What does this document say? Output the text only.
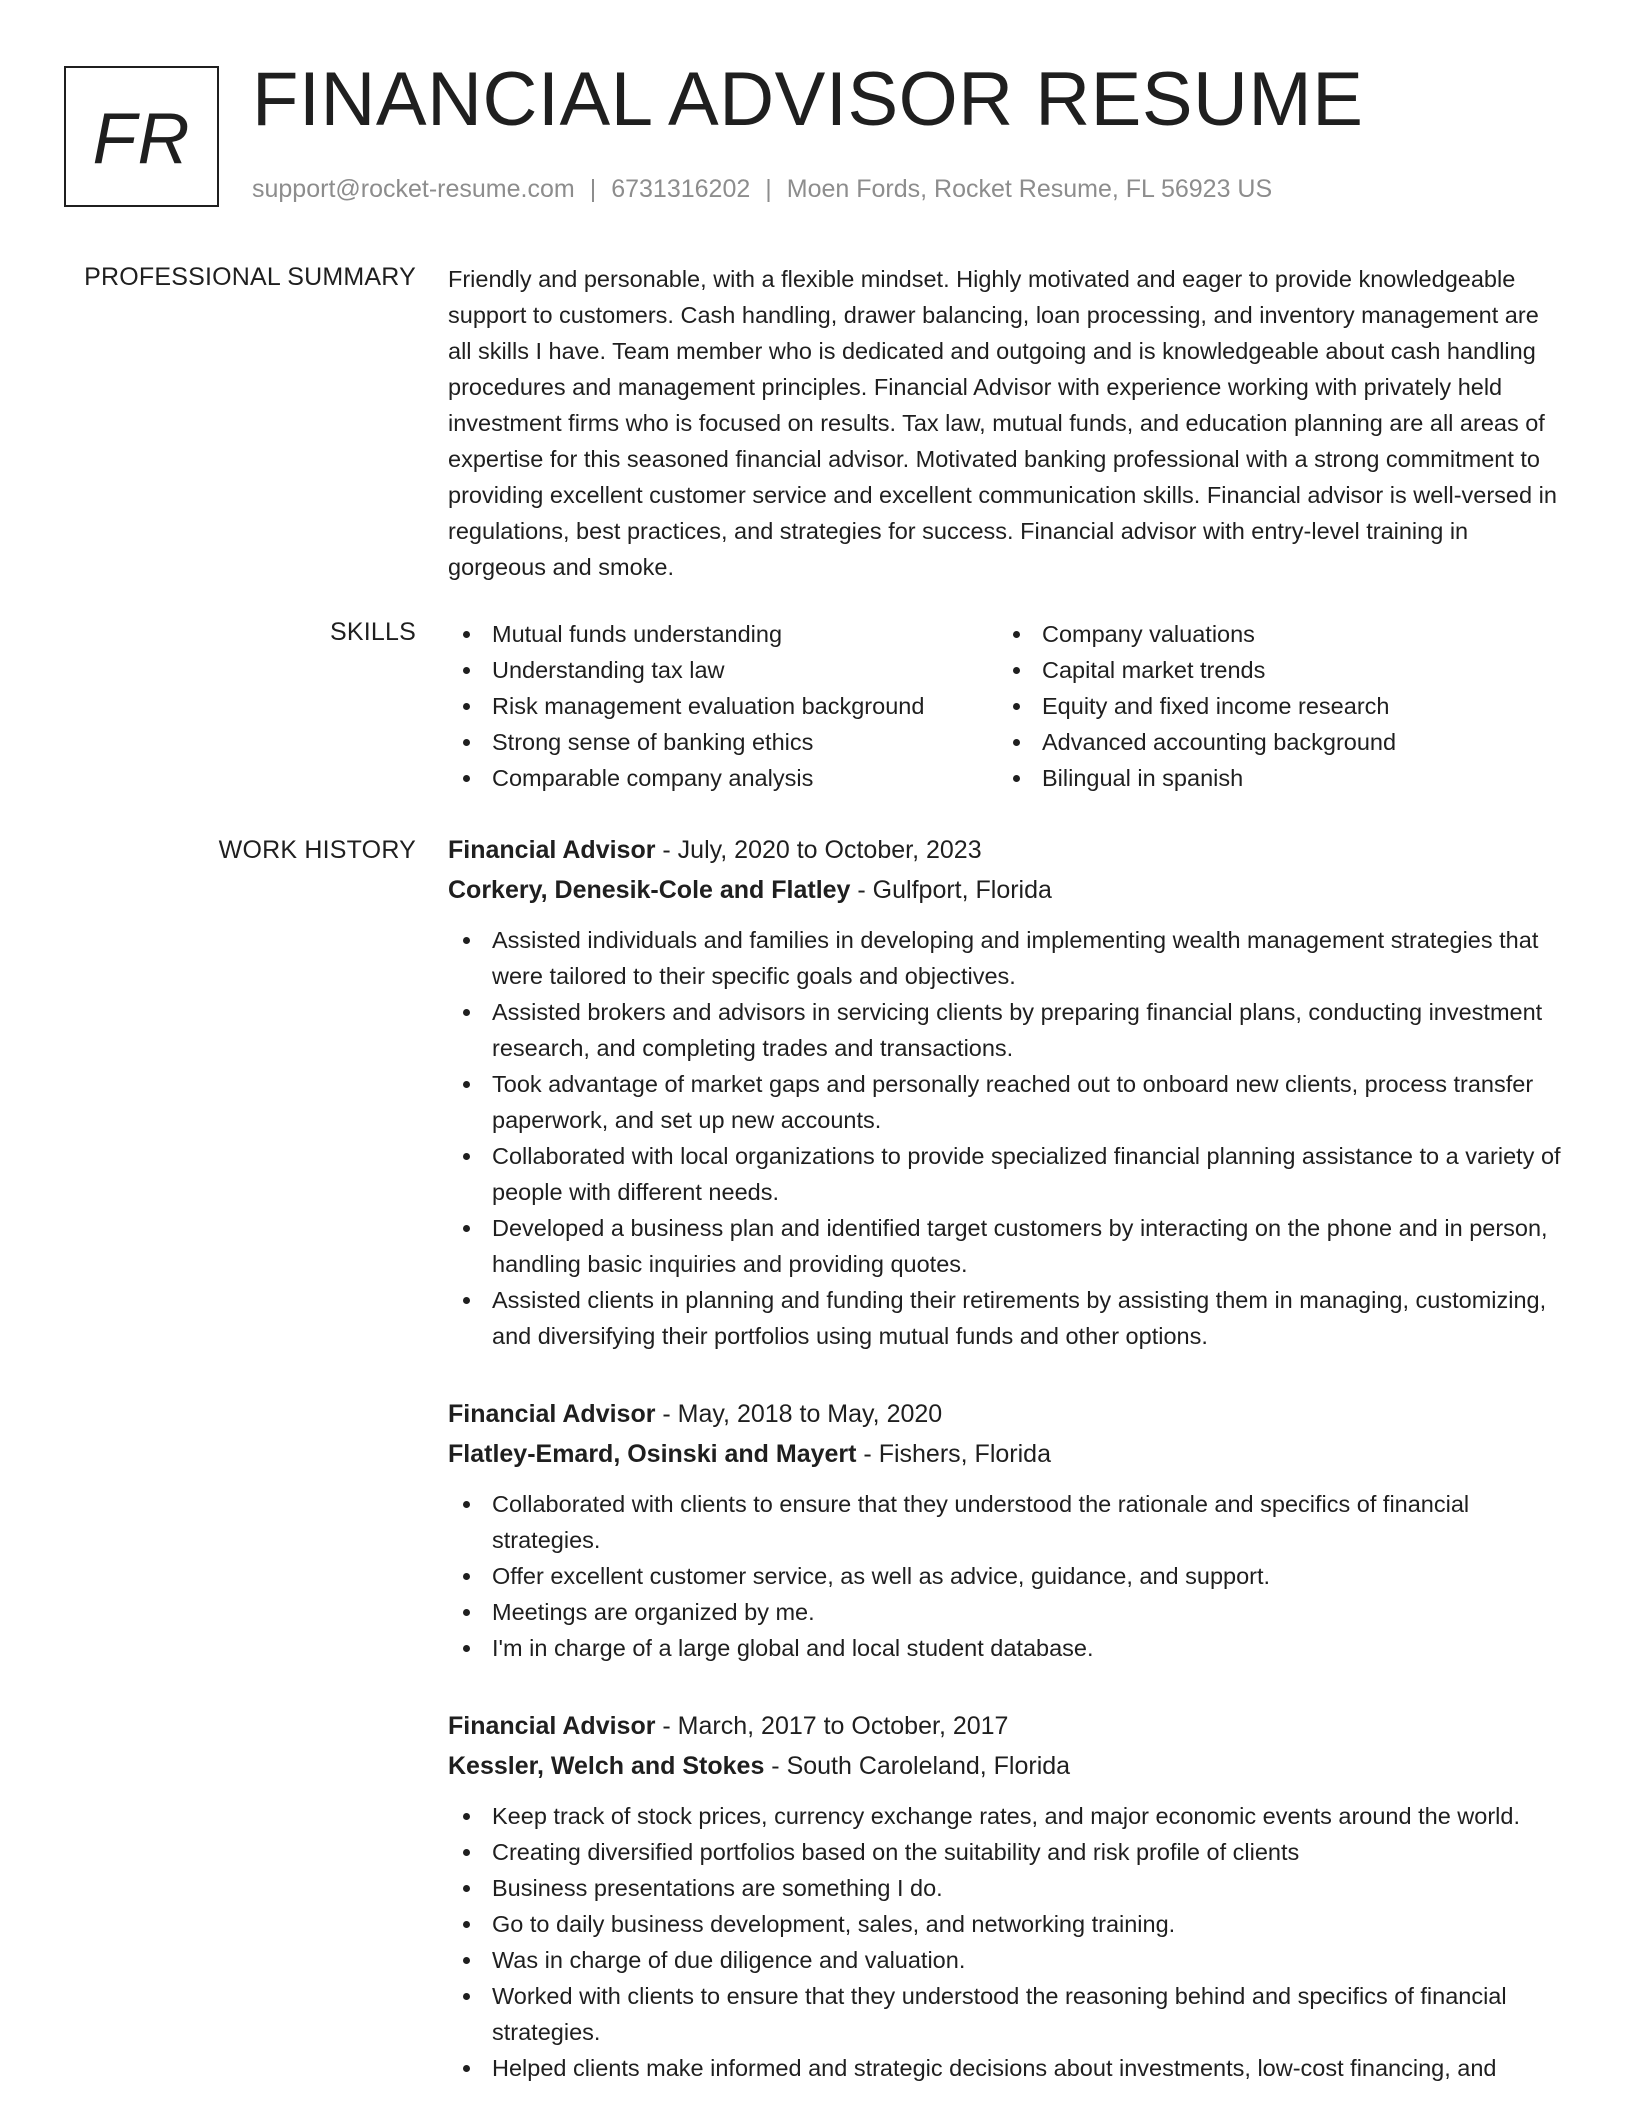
FR FINANCIAL ADVISOR RESUME
support@rocket-resume.com | 6731316202 | Moen Fords, Rocket Resume, FL 56923 US
PROFESSIONAL SUMMARY Friendly and personable, with a flexible mindset. Highly motivated and eager to provide knowledgeable support to customers. Cash handling, drawer balancing, loan processing, and inventory management are all skills I have. Team member who is dedicated and outgoing and is knowledgeable about cash handling procedures and management principles. Financial Advisor with experience working with privately held investment firms who is focused on results. Tax law, mutual funds, and education planning are all areas of expertise for this seasoned financial advisor. Motivated banking professional with a strong commitment to providing excellent customer service and excellent communication skills. Financial advisor is well-versed in regulations, best practices, and strategies for success. Financial advisor with entry-level training in gorgeous and smoke.

SKILLS	Mutual funds understanding
Understanding tax law
Risk management evaluation background
Strong sense of banking ethics
Comparable company analysis
Company valuations
Capital market trends
Equity and fixed income research
Advanced accounting background
Bilingual in spanish
WORK HISTORY Financial Advisor - July, 2020 to October, 2023
Corkery, Denesik-Cole and Flatley - Gulfport, Florida
Assisted individuals and families in developing and implementing wealth management strategies that were tailored to their specific goals and objectives.
Assisted brokers and advisors in servicing clients by preparing financial plans, conducting investment research, and completing trades and transactions.
Took advantage of market gaps and personally reached out to onboard new clients, process transfer paperwork, and set up new accounts.
Collaborated with local organizations to provide specialized financial planning assistance to a variety of people with different needs.
Developed a business plan and identified target customers by interacting on the phone and in person, handling basic inquiries and providing quotes.
Assisted clients in planning and funding their retirements by assisting them in managing, customizing, and diversifying their portfolios using mutual funds and other options.
Financial Advisor - May, 2018 to May, 2020
Flatley-Emard, Osinski and Mayert - Fishers, Florida
Collaborated with clients to ensure that they understood the rationale and specifics of financial strategies.
Offer excellent customer service, as well as advice, guidance, and support.
Meetings are organized by me.
I'm in charge of a large global and local student database.
Financial Advisor - March, 2017 to October, 2017
Kessler, Welch and Stokes - South Caroleland, Florida
Keep track of stock prices, currency exchange rates, and major economic events around the world.
Creating diversified portfolios based on the suitability and risk profile of clients
Business presentations are something I do.
Go to daily business development, sales, and networking training.
Was in charge of due diligence and valuation.
Worked with clients to ensure that they understood the reasoning behind and specifics of financial strategies.
Helped clients make informed and strategic decisions about investments, low-cost financing, and
